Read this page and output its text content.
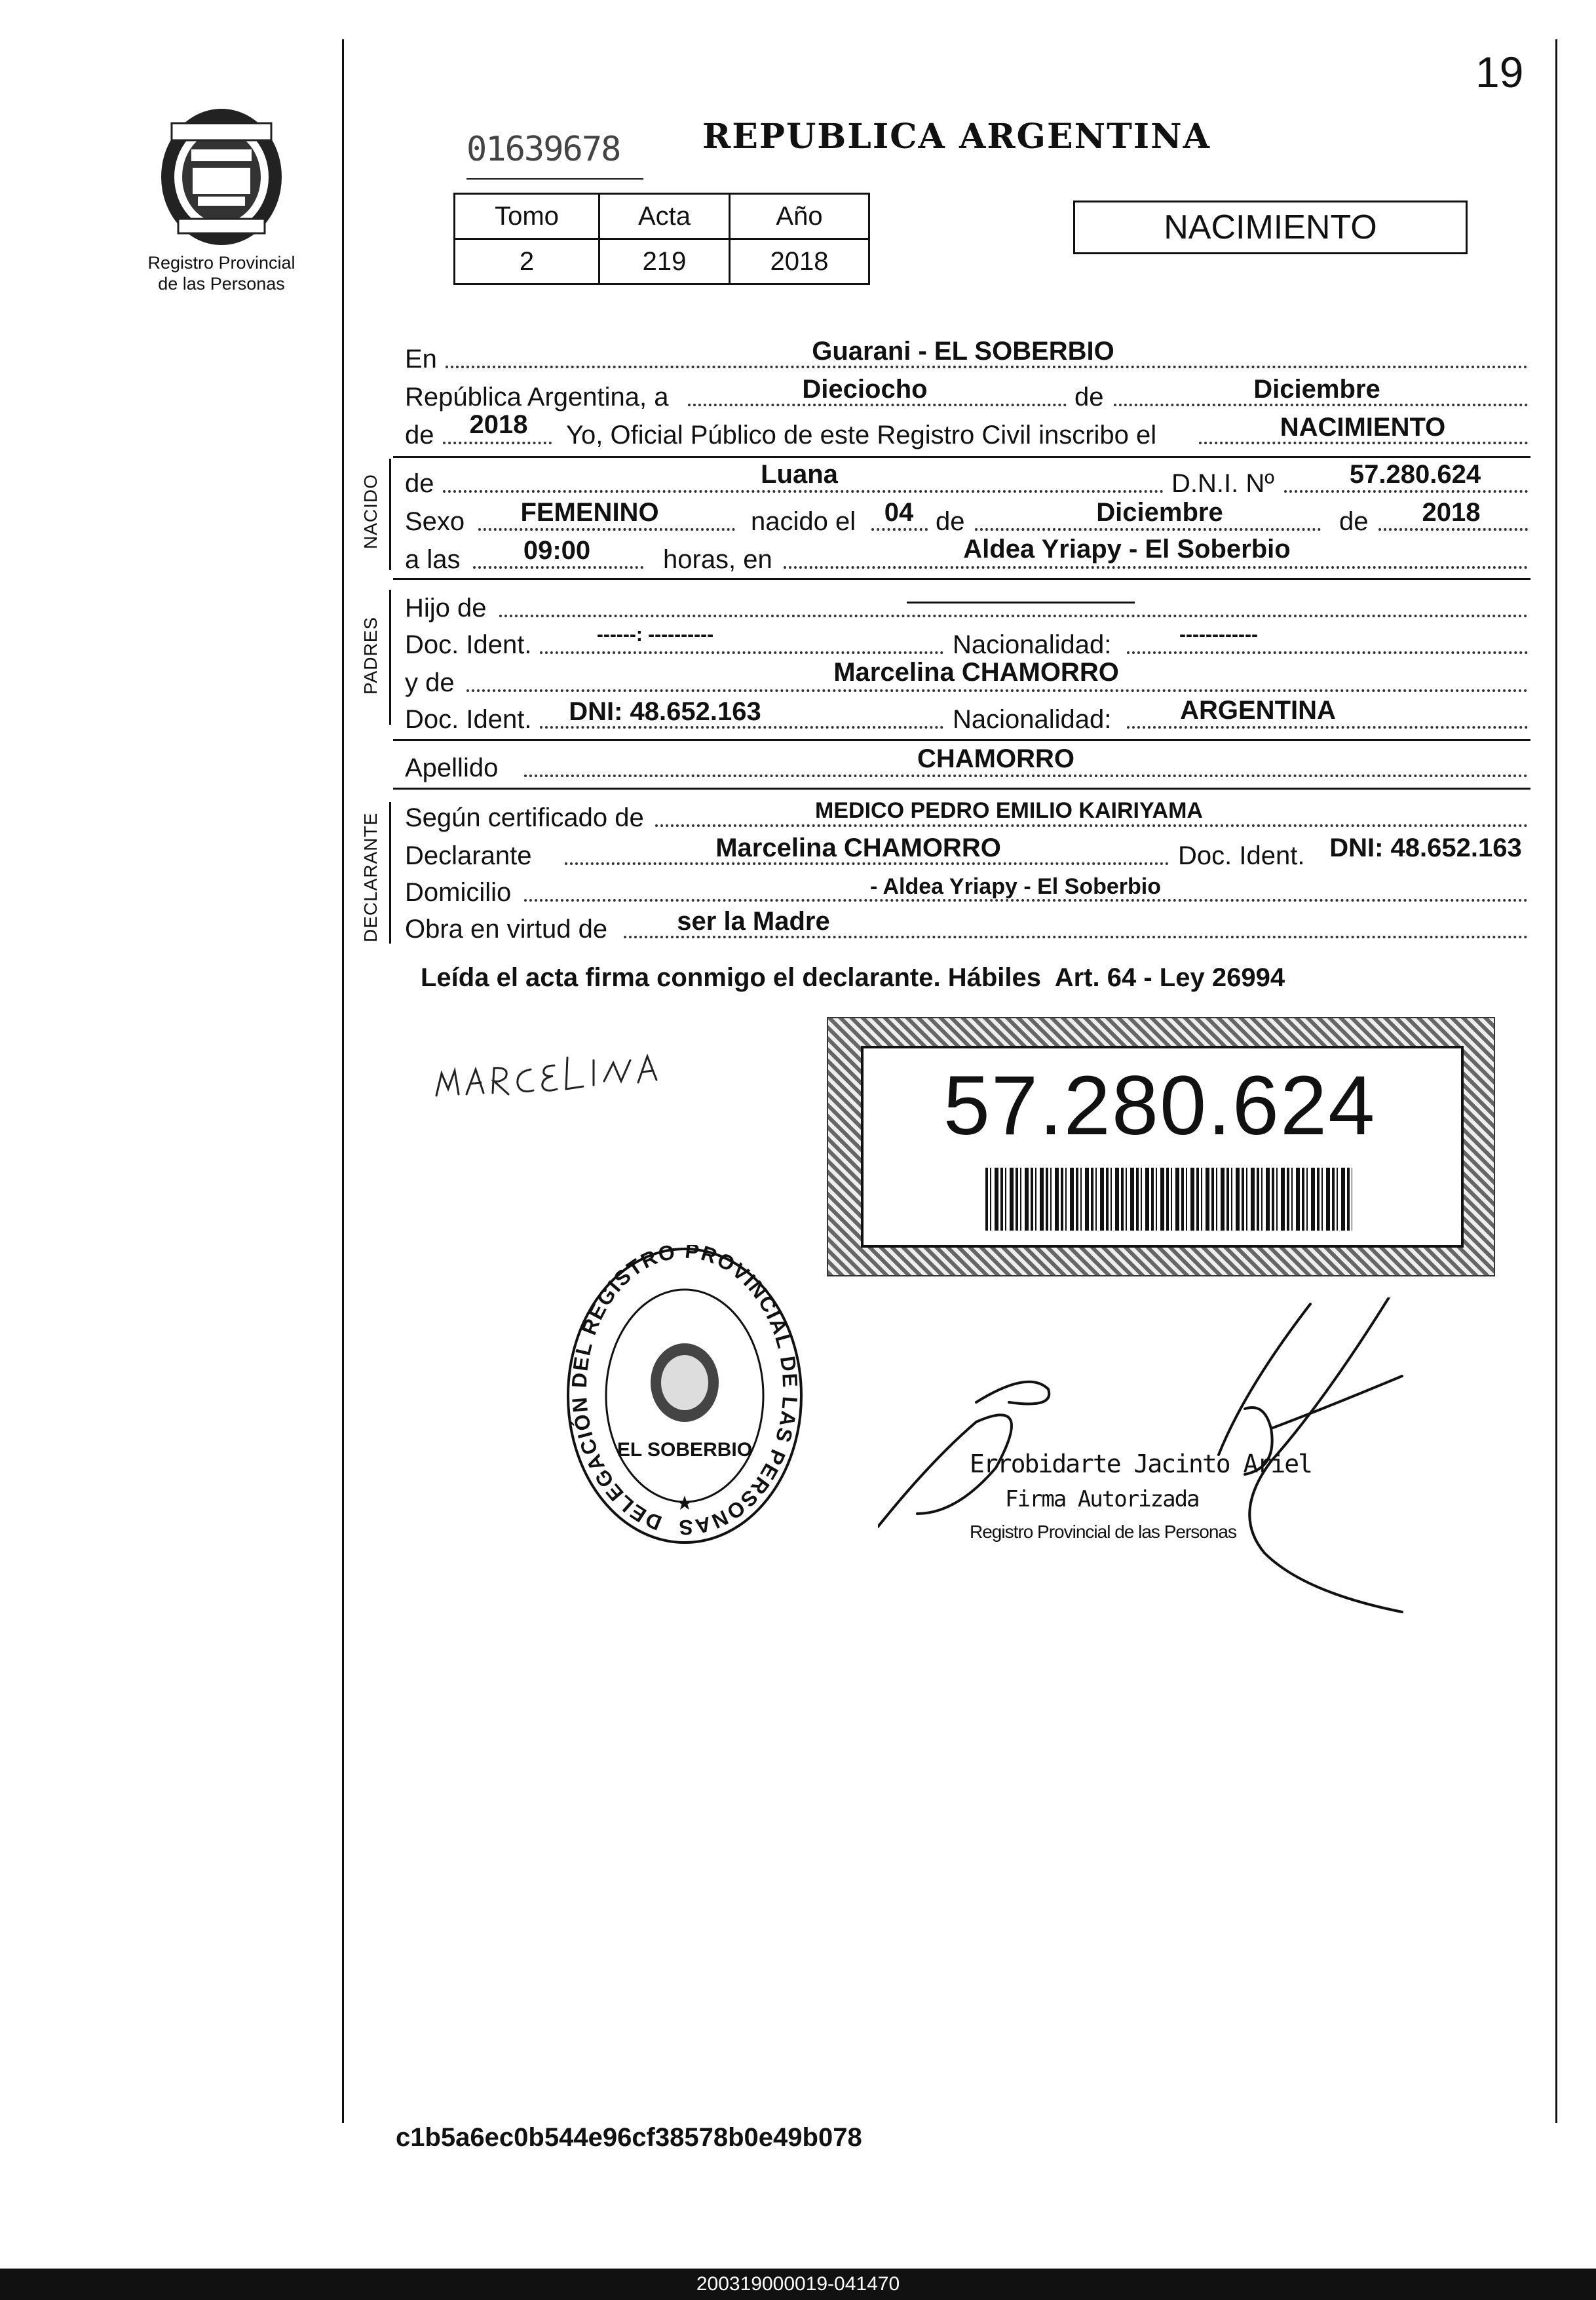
19
Registro Provincial
de las Personas
01639678 REPUBLICA ARGENTINA
Tomo	Acta	Año
2	219	2018
NACIMIENTO
En	Guarani - EL SOBERBIO
República Argentina, a	Dieciocho	de	Diciembre
de	2018	Yo, Oficial Público de este Registro Civil inscribo el	NACIMIENTO
NACIDO de	Luana	D.N.I. Nº	57.280.624
Sexo	FEMENINO	nacido el	04 de	Diciembre	de	2018
a las	09:00	horas, en	Aldea Yriapy - El Soberbio
PADRES
Hijo de
Doc. Ident.	------: ----------	Nacionalidad:	------------
y de	Marcelina CHAMORRO
Doc. Ident.	DNI: 48.652.163	Nacionalidad:	ARGENTINA
Apellido	CHAMORRO
DECLARANTE Según certificado de	MEDICO PEDRO EMILIO KAIRIYAMA
Declarante	Marcelina CHAMORRO	Doc. Ident. DNI: 48.652.163
Domicilio	- Aldea Yriapy - El Soberbio
Obra en virtud de	ser la Madre
Leída el acta firma conmigo el declarante. Hábiles  Art. 64 - Ley 26994
57.280.624
DELEGACIÓN DEL REGISTRO PROVINCIAL DE LAS PERSONAS
EL SOBERBIO
★
Errobidarte Jacinto Ariel
Firma Autorizada
Registro Provincial de las Personas
c1b5a6ec0b544e96cf38578b0e49b078
200319000019-041470
